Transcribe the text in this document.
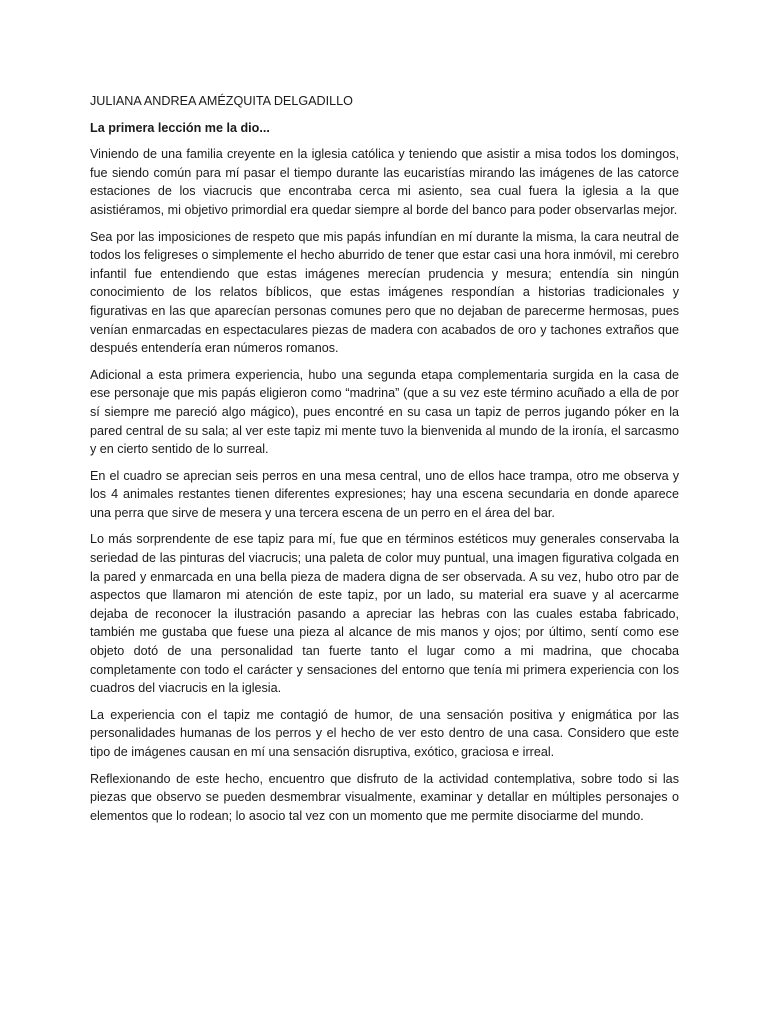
JULIANA ANDREA AMÉZQUITA DELGADILLO

La primera lección me la dio...

Viniendo de una familia creyente en la iglesia católica y teniendo que asistir a misa todos los domingos, fue siendo común para mí pasar el tiempo durante las eucaristías mirando las imágenes de las catorce estaciones de los viacrucis que encontraba cerca mi asiento, sea cual fuera la iglesia a la que asistiéramos, mi objetivo primordial era quedar siempre al borde del banco para poder observarlas mejor.

Sea por las imposiciones de respeto que mis papás infundían en mí durante la misma, la cara neutral de todos los feligreses o simplemente el hecho aburrido de tener que estar casi una hora inmóvil, mi cerebro infantil fue entendiendo que estas imágenes merecían prudencia y mesura; entendía sin ningún conocimiento de los relatos bíblicos, que estas imágenes respondían a historias tradicionales y figurativas en las que aparecían personas comunes pero que no dejaban de parecerme hermosas, pues venían enmarcadas en espectaculares piezas de madera con acabados de oro y tachones extraños que después entendería eran números romanos.

Adicional a esta primera experiencia, hubo una segunda etapa complementaria surgida en la casa de ese personaje que mis papás eligieron como “madrina” (que a su vez este término acuñado a ella de por sí siempre me pareció algo mágico), pues encontré en su casa un tapiz de perros jugando póker en la pared central de su sala; al ver este tapiz mi mente tuvo la bienvenida al mundo de la ironía, el sarcasmo y en cierto sentido de lo surreal.

En el cuadro se aprecian seis perros en una mesa central, uno de ellos hace trampa, otro me observa y los 4 animales restantes tienen diferentes expresiones; hay una escena secundaria en donde aparece una perra que sirve de mesera y una tercera escena de un perro en el área del bar.

Lo más sorprendente de ese tapiz para mí, fue que en términos estéticos muy generales conservaba la seriedad de las pinturas del viacrucis; una paleta de color muy puntual, una imagen figurativa colgada en la pared y enmarcada en una bella pieza de madera digna de ser observada. A su vez, hubo otro par de aspectos que llamaron mi atención de este tapiz, por un lado, su material era suave y al acercarme dejaba de reconocer la ilustración pasando a apreciar las hebras con las cuales estaba fabricado, también me gustaba que fuese una pieza al alcance de mis manos y ojos; por último, sentí como ese objeto dotó de una personalidad tan fuerte tanto el lugar como a mi madrina, que chocaba completamente con todo el carácter y sensaciones del entorno que tenía mi primera experiencia con los cuadros del viacrucis en la iglesia.

La experiencia con el tapiz me contagió de humor, de una sensación positiva y enigmática por las personalidades humanas de los perros y el hecho de ver esto dentro de una casa. Considero que este tipo de imágenes causan en mí una sensación disruptiva, exótico, graciosa e irreal.

Reflexionando de este hecho, encuentro que disfruto de la actividad contemplativa, sobre todo si las piezas que observo se pueden desmembrar visualmente, examinar y detallar en múltiples personajes o elementos que lo rodean; lo asocio tal vez con un momento que me permite disociarme del mundo.
